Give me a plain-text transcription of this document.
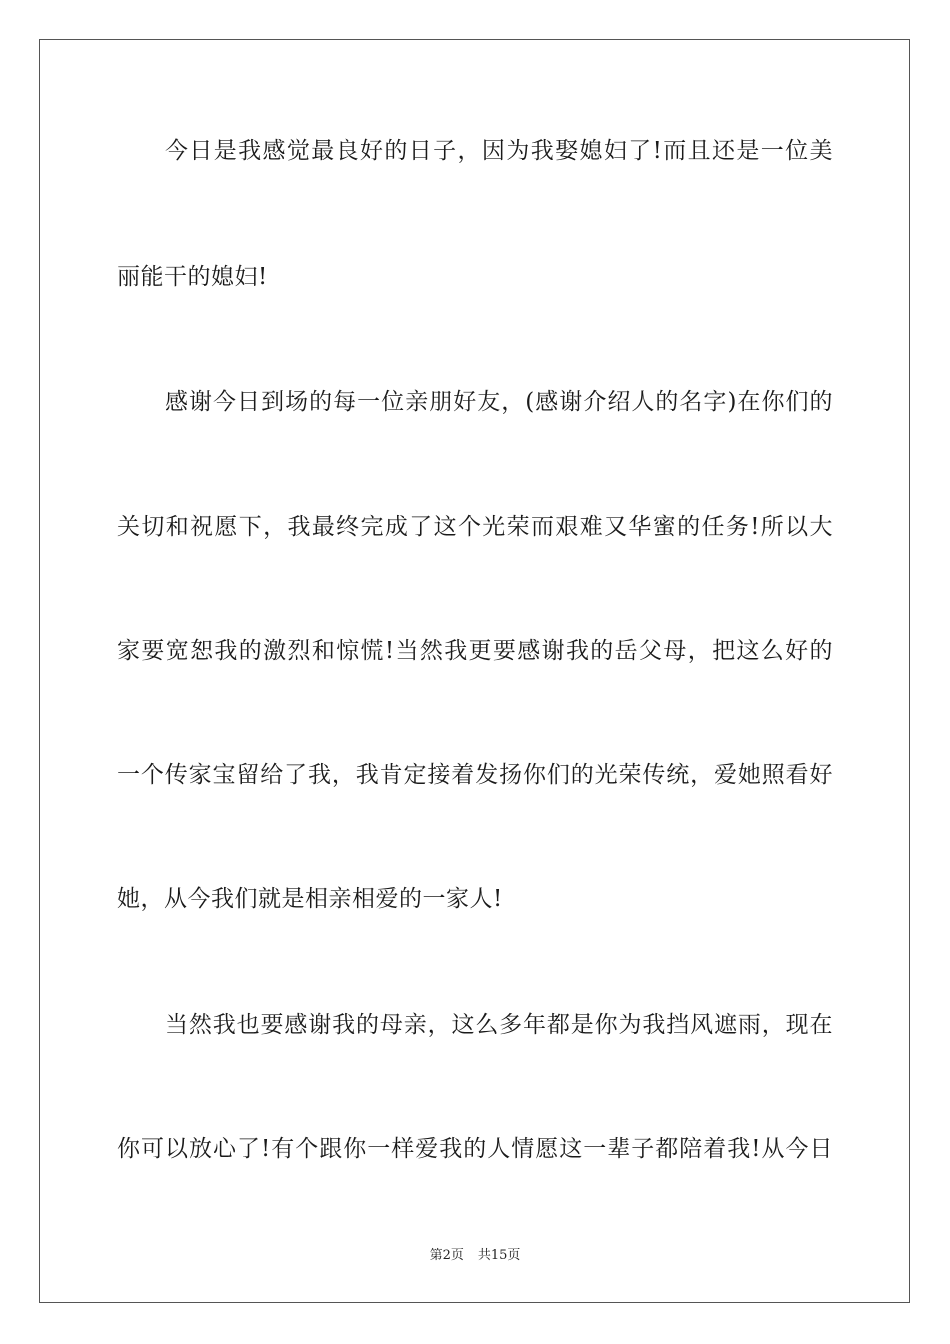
今日是我感觉最良好的日子，因为我娶媳妇了!而且还是一位美
丽能干的媳妇!
感谢今日到场的每一位亲朋好友，(感谢介绍人的名字)在你们的
关切和祝愿下，我最终完成了这个光荣而艰难又华蜜的任务!所以大
家要宽恕我的激烈和惊慌!当然我更要感谢我的岳父母，把这么好的
一个传家宝留给了我，我肯定接着发扬你们的光荣传统，爱她照看好
她，从今我们就是相亲相爱的一家人!
当然我也要感谢我的母亲，这么多年都是你为我挡风遮雨，现在
你可以放心了!有个跟你一样爱我的人情愿这一辈子都陪着我!从今日
第2页 共15页
